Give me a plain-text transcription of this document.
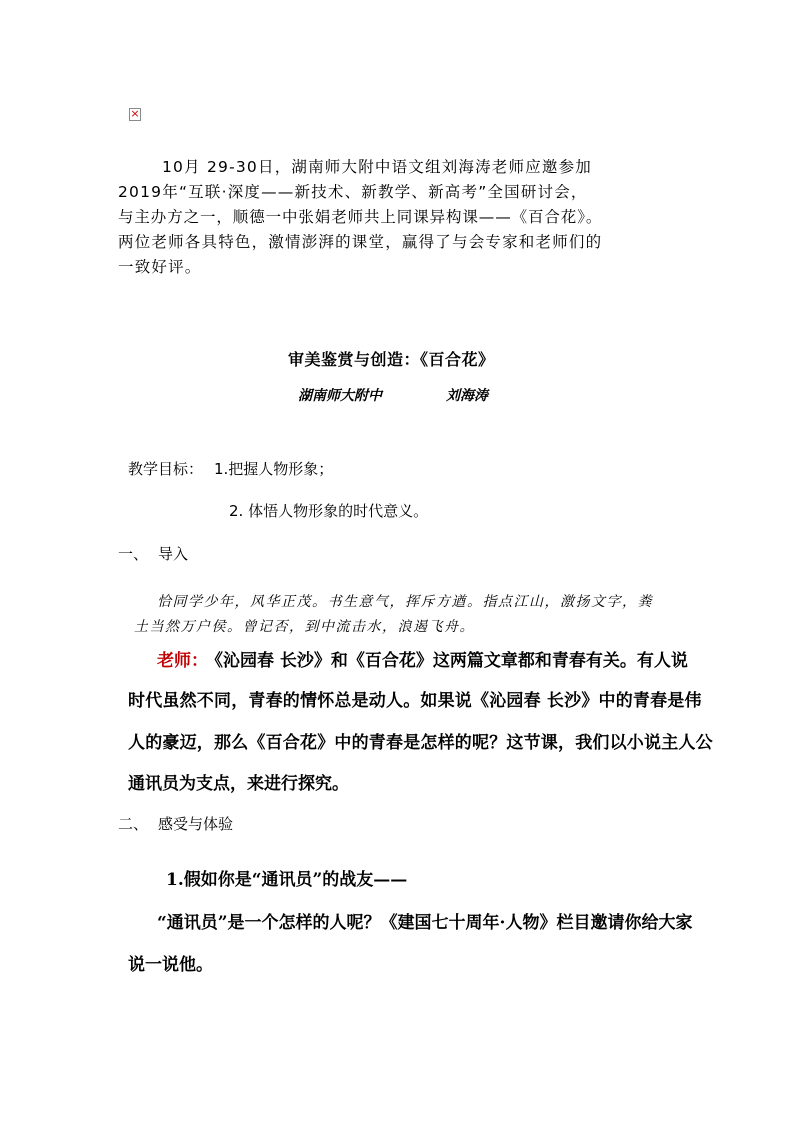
×
10月 29-30日，湖南师大附中语文组刘海涛老师应邀参加
2019年“互联·深度——新技术、新教学、新高考”全国研讨会，
与主办方之一，顺德一中张娟老师共上同课异构课——《百合花》。
两位老师各具特色，激情澎湃的课堂，赢得了与会专家和老师们的
一致好评。
审美鉴赏与创造：《百合花》
湖南师大附中	刘海涛
教学目标： 1.把握人物形象；
2. 体悟人物形象的时代意义。
一、 导入
恰同学少年，风华正茂。书生意气，挥斥方遒。指点江山，激扬文字，粪
土当然万户侯。曾记否，到中流击水，浪遏飞舟。
老师：
《沁园春 长沙》和《百合花》这两篇文章都和青春有关。有人说
时代虽然不同，青春的情怀总是动人。如果说《沁园春 长沙》中的青春是伟
人的豪迈，那么《百合花》中的青春是怎样的呢？这节课，我们以小说主人公
通讯员为支点，来进行探究。
二、 感受与体验
1.假如你是“通讯员”的战友——
“通讯员”是一个怎样的人呢？《建国七十周年·人物》栏目邀请你给大家
说一说他。
